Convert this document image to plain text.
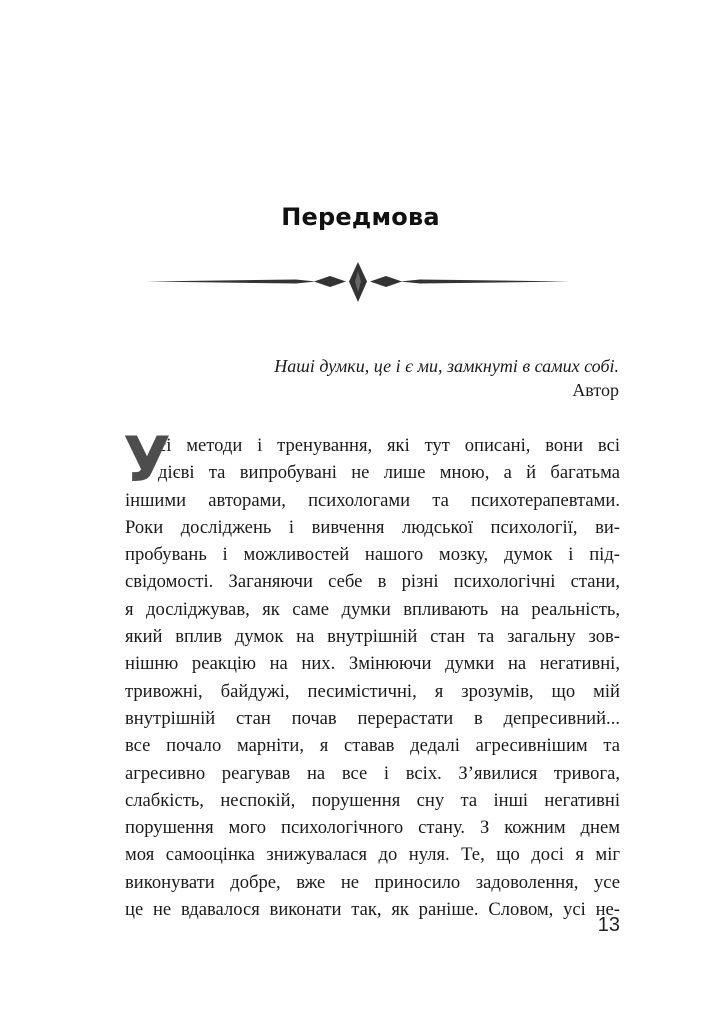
Передмова
Наші думки, це і є ми, замкнуті в самих собі.
Автор
У
сі методи і тренування, які тут описані, вони всі
дієві та випробувані не лише мною, а й багатьма
іншими авторами, психологами та психотерапевтами.
Роки досліджень і вивчення людської психології, ви-
пробувань і можливостей нашого мозку, думок і під-
свідомості. Заганяючи себе в різні психологічні стани,
я досліджував, як саме думки впливають на реальність,
який вплив думок на внутрішній стан та загальну зов-
нішню реакцію на них. Змінюючи думки на негативні,
тривожні, байдужі, песимістичні, я зрозумів, що мій
внутрішній стан почав перерастати в депресивний...
все почало марніти, я ставав дедалі агресивнішим та
агресивно реагував на все і всіх. З’явилися тривога,
слабкість, неспокій, порушення сну та інші негативні
порушення мого психологічного стану. З кожним днем
моя самооцінка знижувалася до нуля. Те, що досі я міг
виконувати добре, вже не приносило задоволення, усе
це не вдавалося виконати так, як раніше. Словом, усі не-
13
